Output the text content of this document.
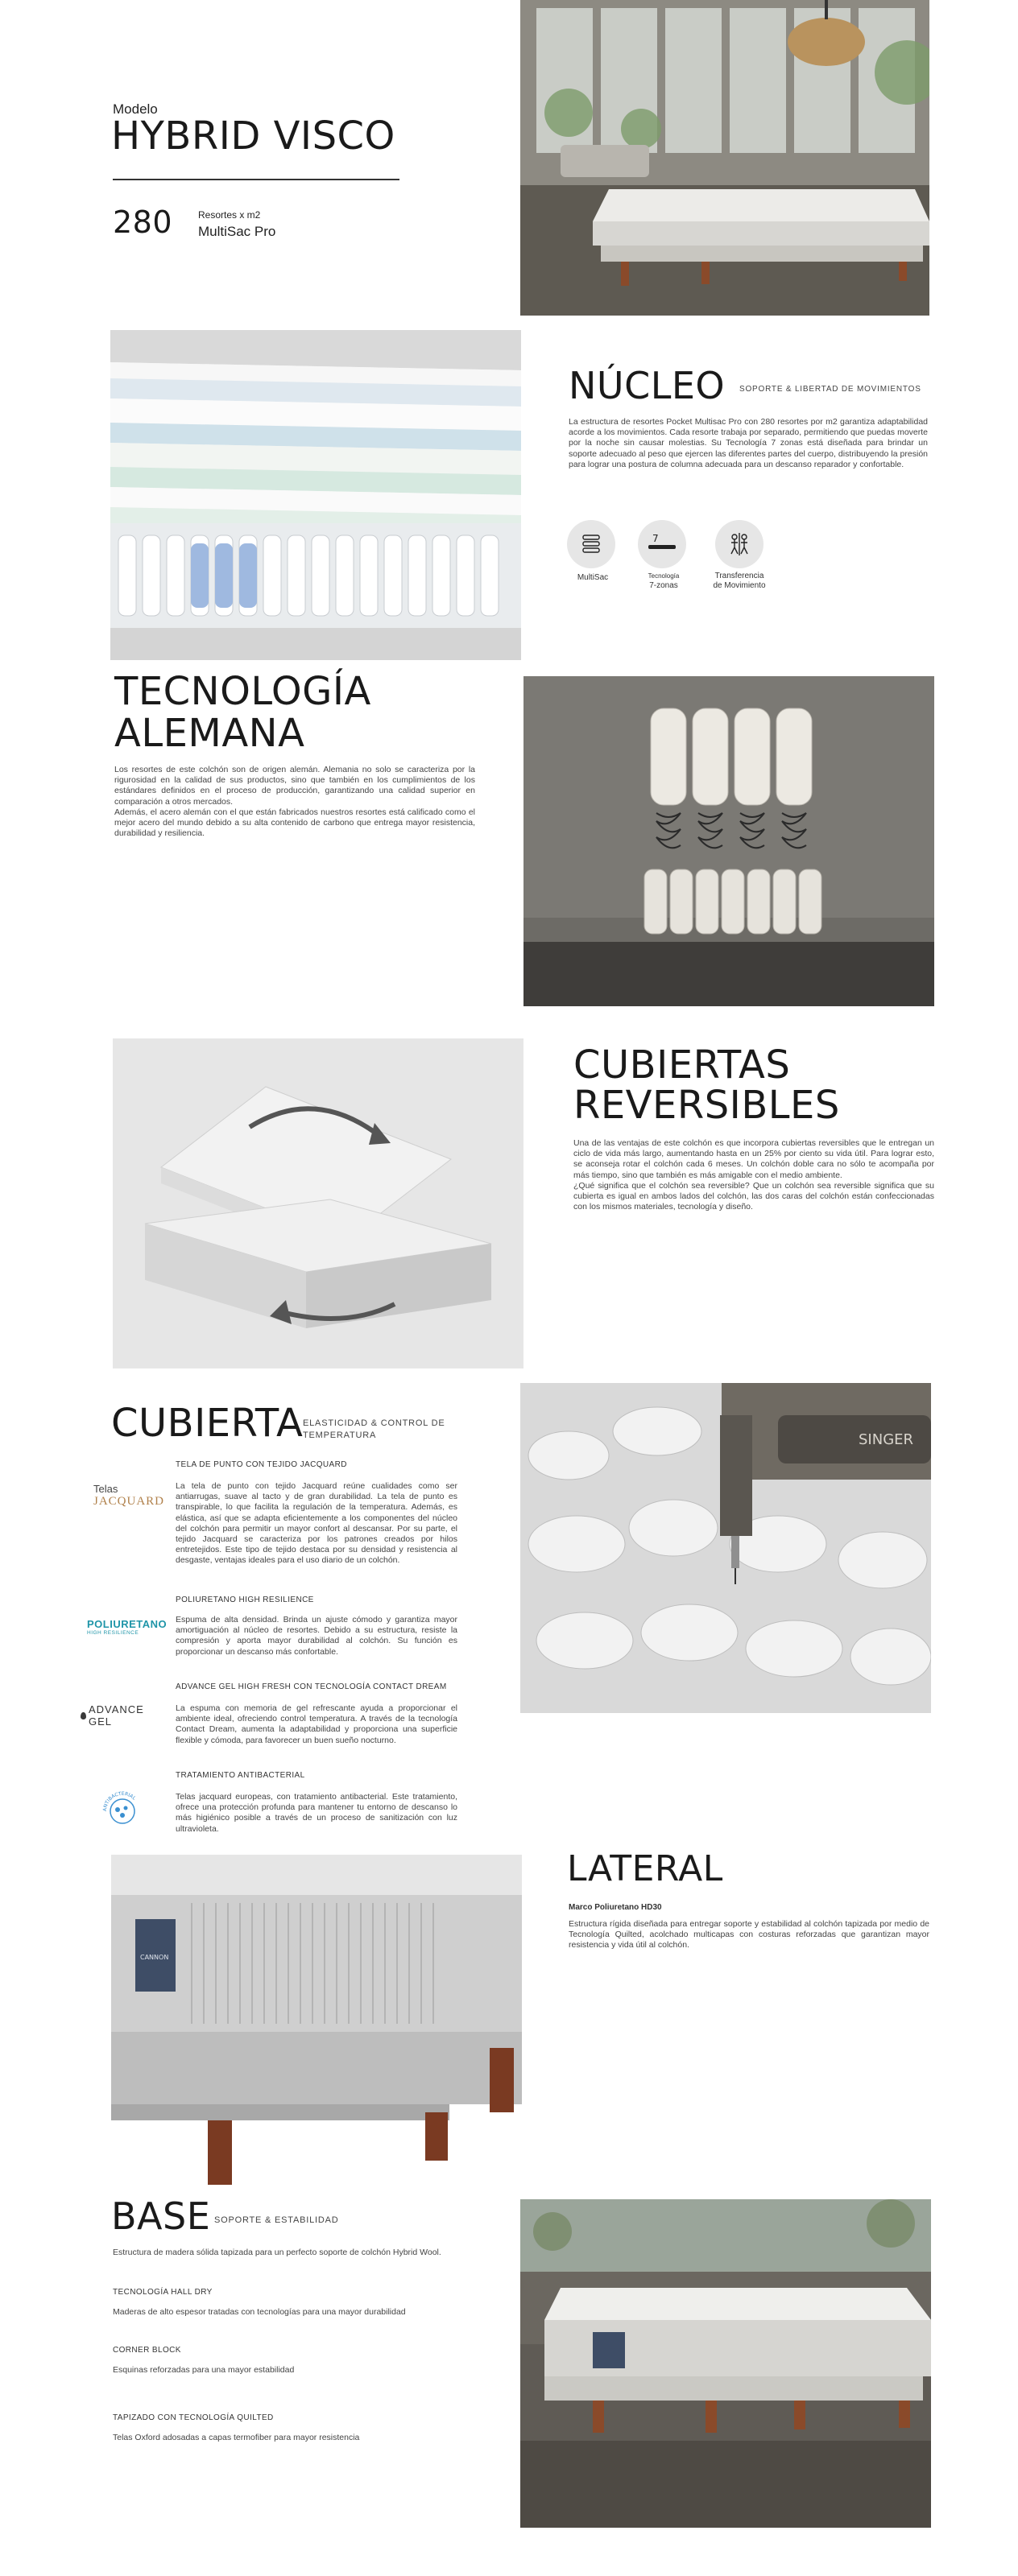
Modelo
HYBRID VISCO
280	Resortes x m2
MultiSac Pro
NÚCLEO SOPORTE & LIBERTAD DE MOVIMIENTOS
La estructura de resortes Pocket Multisac Pro con 280 resortes por m2 garantiza adaptabilidad acorde a los movimientos. Cada resorte trabaja por separado, permitiendo que puedas moverte por la noche sin causar molestias. Su Tecnología 7 zonas está diseñada para brindar un soporte adecuado al peso que ejercen las diferentes partes del cuerpo, distribuyendo la presión para lograr una postura de columna adecuada para un descanso reparador y confortable.
MultiSac
7
Tecnología
7-zonas
Transferencia
de Movimiento
TECNOLOGÍA
ALEMANA
Los resortes de este colchón son de origen alemán. Alemania no solo se caracteriza por la rigurosidad en la calidad de sus productos, sino que también en los cumplimientos de los estándares definidos en el proceso de producción, garantizando una calidad superior en comparación a otros mercados.
Además, el acero alemán con el que están fabricados nuestros resortes está calificado como el mejor acero del mundo debido a su alta contenido de carbono que entrega mayor resistencia, durabilidad y resiliencia.
CUBIERTAS
REVERSIBLES
Una de las ventajas de este colchón es que incorpora cubiertas reversibles que le entregan un ciclo de vida más largo, aumentando hasta en un 25% por ciento su vida útil. Para lograr esto, se aconseja rotar el colchón cada 6 meses. Un colchón doble cara no sólo te acompaña por más tiempo, sino que también es más amigable con el medio ambiente.
¿Qué significa que el colchón sea reversible? Que un colchón sea reversible significa que su cubierta es igual en ambos lados del colchón, las dos caras del colchón están confeccionadas con los mismos materiales, tecnología y diseño.
CUBIERTA ELASTICIDAD & CONTROL DE
TEMPERATURA
Telas
JACQUARD
TELA DE PUNTO CON TEJIDO JACQUARD
La tela de punto con tejido Jacquard reúne cualidades como ser antiarrugas, suave al tacto y de gran durabilidad. La tela de punto es transpirable, lo que facilita la regulación de la temperatura. Además, es elástica, así que se adapta eficientemente a los componentes del núcleo del colchón para permitir un mayor confort al descansar. Por su parte, el tejido Jacquard se caracteriza por los patrones creados por hilos entretejidos. Este tipo de tejido destaca por su densidad y resistencia al desgaste, ventajas ideales para el uso diario de un colchón.
POLIURETANO
HIGH RESILIENCE
POLIURETANO HIGH RESILIENCE
Espuma de alta densidad. Brinda un ajuste cómodo y garantiza mayor amortiguación al núcleo de resortes. Debido a su estructura, resiste la compresión y aporta mayor durabilidad al colchón. Su función es proporcionar un descanso más confortable.
ADVANCE GEL
ADVANCE GEL HIGH FRESH CON TECNOLOGÍA CONTACT DREAM
La espuma con memoria de gel refrescante ayuda a proporcionar el ambiente ideal, ofreciendo control temperatura. A través de la tecnología Contact Dream, aumenta la adaptabilidad y proporciona una superficie flexible y cómoda, para favorecer un buen sueño nocturno.
ANTIBACTERIAL
TRATAMIENTO ANTIBACTERIAL
Telas jacquard europeas, con tratamiento antibacterial. Este tratamiento, ofrece una protección profunda para mantener tu entorno de descanso lo más higiénico posible a través de un proceso de sanitización con luz ultravioleta.
SINGER
CANNON
LATERAL
Marco Poliuretano HD30
Estructura rígida diseñada para entregar soporte y estabilidad al colchón tapizada por medio de Tecnología Quilted, acolchado multicapas con costuras reforzadas que garantizan mayor resistencia y vida útil al colchón.
BASE SOPORTE & ESTABILIDAD
Estructura de madera sólida tapizada para un perfecto soporte de colchón Hybrid Wool.
TECNOLOGÍA HALL DRY
Maderas de alto espesor tratadas con tecnologías para una mayor durabilidad
CORNER BLOCK
Esquinas reforzadas para una mayor estabilidad
TAPIZADO CON TECNOLOGÍA QUILTED
Telas Oxford adosadas a capas termofiber para mayor resistencia
